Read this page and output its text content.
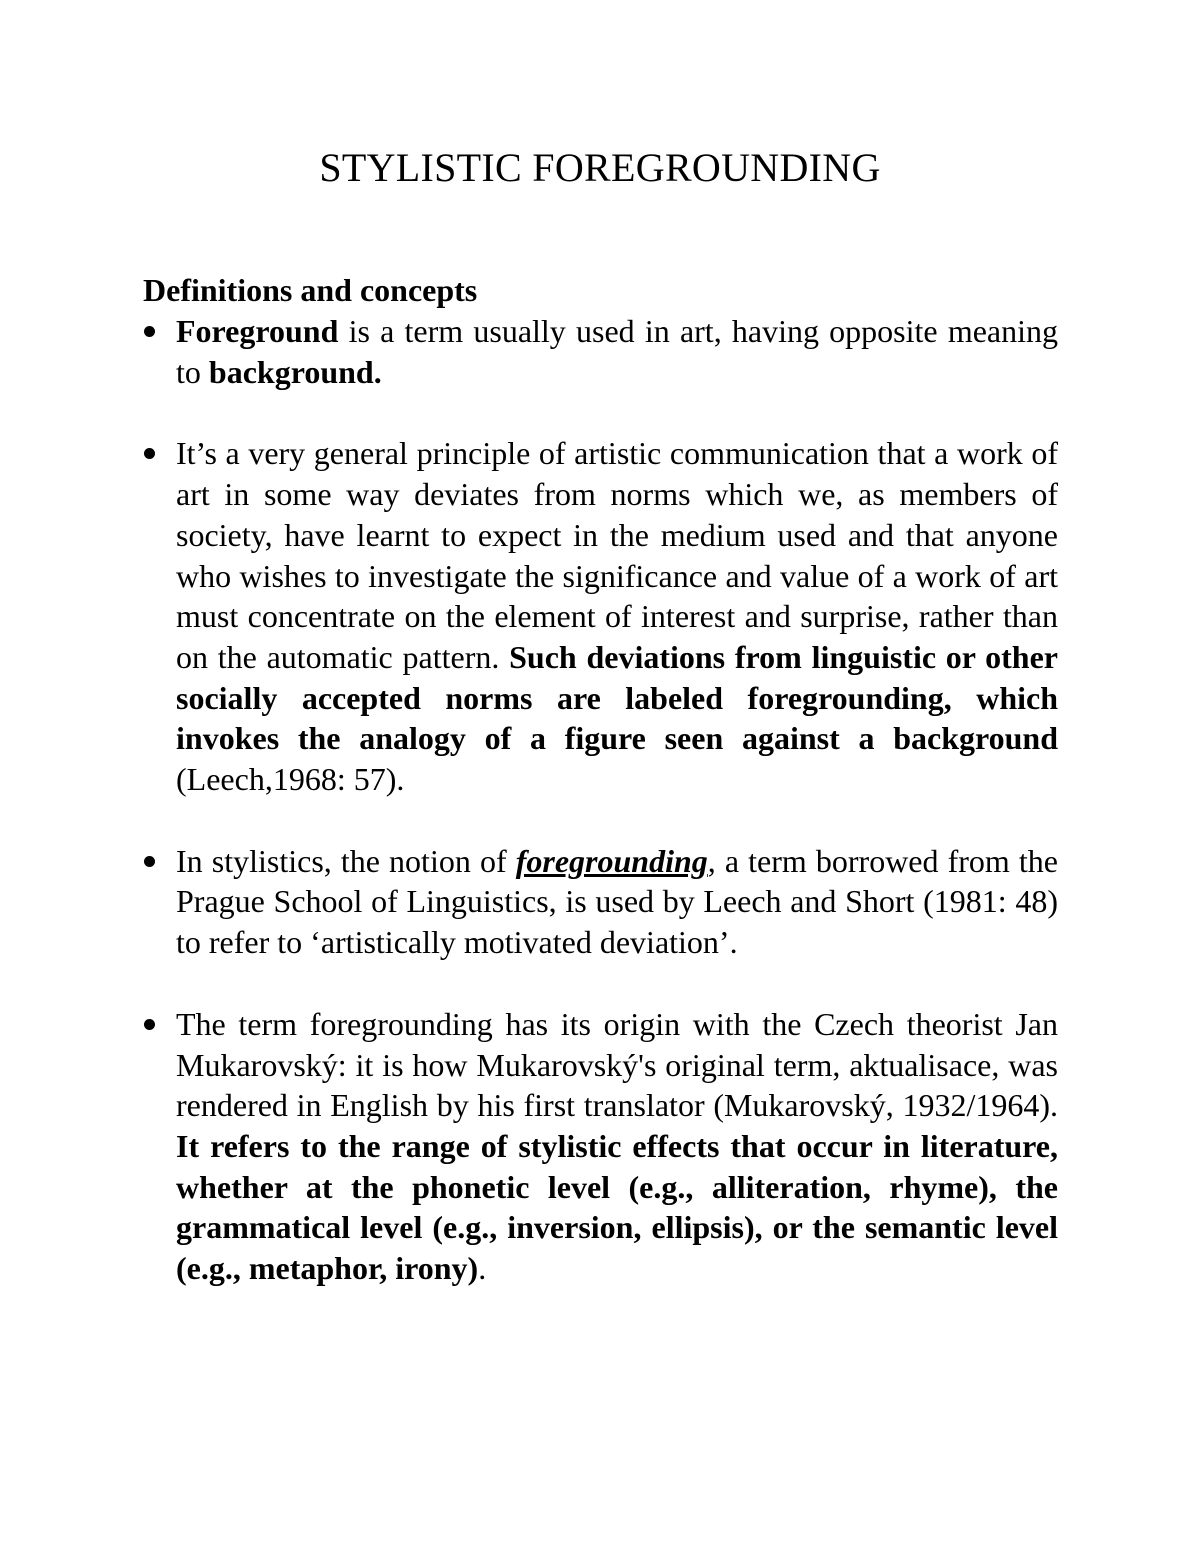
STYLISTIC FOREGROUNDING
Definitions and concepts
Foreground is a term usually used in art, having opposite meaning to background.
It’s a very general principle of artistic communication that a work of art in some way deviates from norms which we, as members of society, have learnt to expect in the medium used and that anyone who wishes to investigate the significance and value of a work of art must concentrate on the element of interest and surprise, rather than on the automatic pattern. Such deviations from linguistic or other socially accepted norms are labeled foregrounding, which invokes the analogy of a figure seen against a background (Leech,1968: 57).
In stylistics, the notion of foregrounding, a term borrowed from the Prague School of Linguistics, is used by Leech and Short (1981: 48) to refer to ‘artistically motivated deviation’.
The term foregrounding has its origin with the Czech theorist Jan Mukarovský: it is how Mukarovský's original term, aktualisace, was rendered in English by his first translator (Mukarovský, 1932/1964). It refers to the range of stylistic effects that occur in literature, whether at the phonetic level (e.g., alliteration, rhyme), the grammatical level (e.g., inversion, ellipsis), or the semantic level (e.g., metaphor, irony).
